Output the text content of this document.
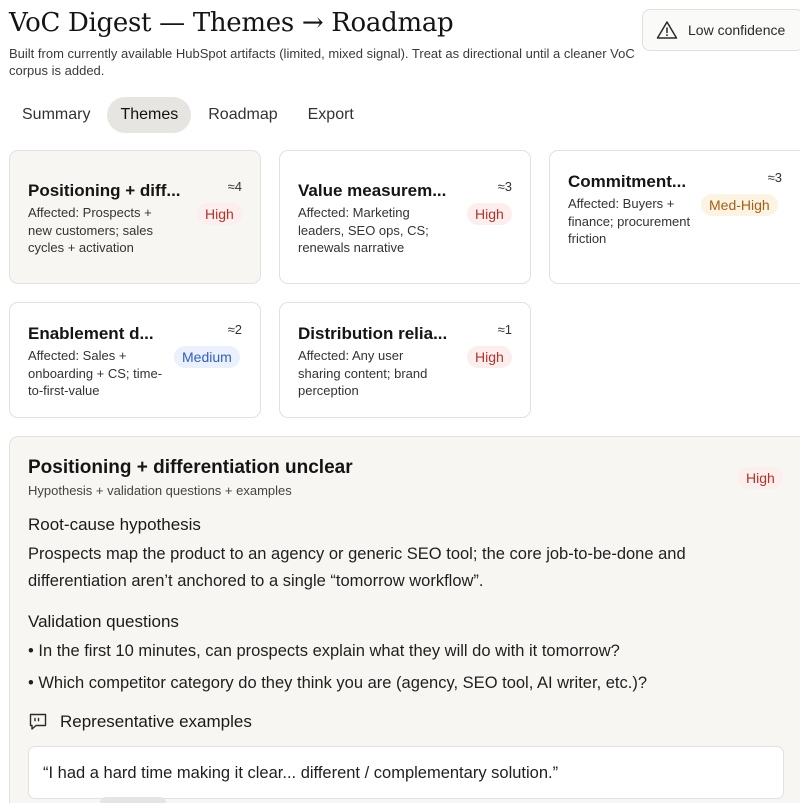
VoC Digest — Themes → Roadmap
Built from currently available HubSpot artifacts (limited, mixed signal). Treat as directional until a cleaner VoC corpus is added.
Low confidence
Summary	Themes	Roadmap	Export
Positioning + diff...	≈4
Affected: Prospects + new customers; sales cycles + activation
High
Value measurem...	≈3
Affected: Marketing leaders, SEO ops, CS; renewals narrative
High
Commitment...	≈3
Affected: Buyers + finance; procurement friction
Med-High
Enablement d...	≈2
Affected: Sales + onboarding + CS; time-to-first-value
Medium
Distribution relia...	≈1
Affected: Any user sharing content; brand perception
High
Positioning + differentiation unclear
Hypothesis + validation questions + examples
High
Root-cause hypothesis
Prospects map the product to an agency or generic SEO tool; the core job-to-be-done and differentiation aren’t anchored to a single “tomorrow workflow”.
Validation questions
• In the first 10 minutes, can prospects explain what they will do with it tomorrow?
• Which competitor category do they think you are (agency, SEO tool, AI writer, etc.)?
Representative examples
“I had a hard time making it clear... different / complementary solution.”
